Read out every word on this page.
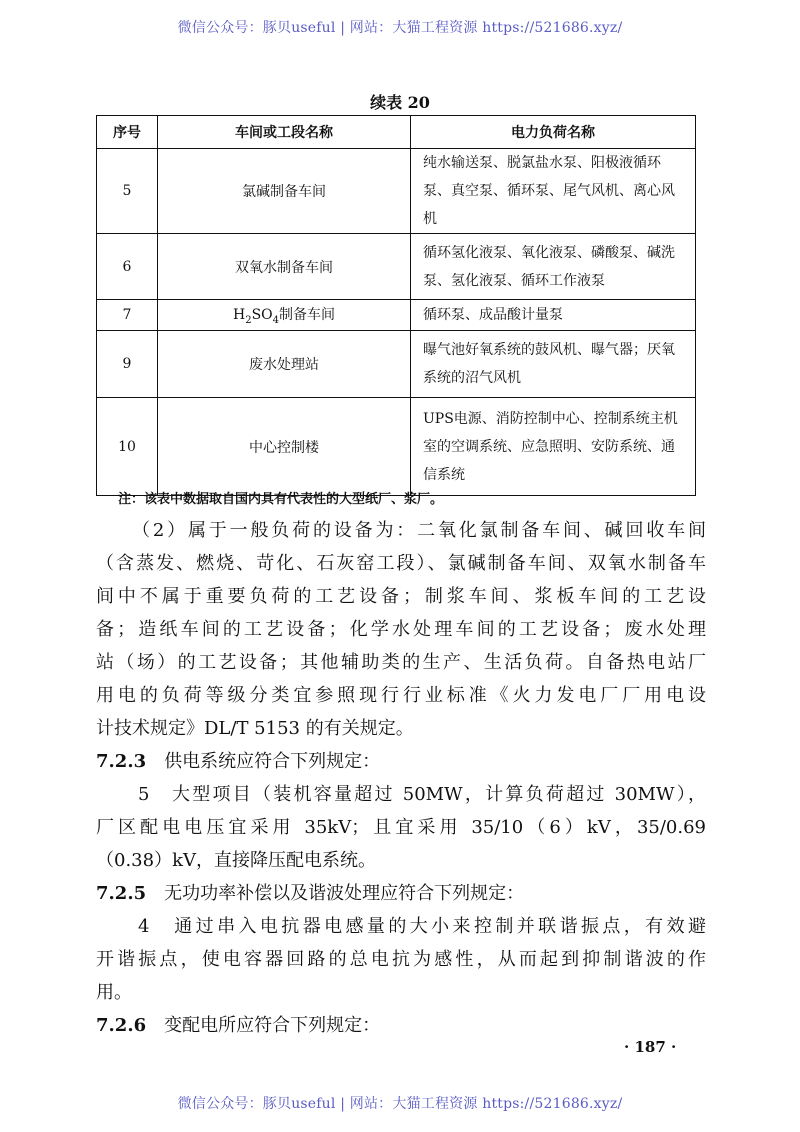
微信公众号：豚贝useful | 网站：大猫工程资源 https://521686.xyz/
续表 20
序号	车间或工段名称	电力负荷名称
5	氯碱制备车间	纯水输送泵、脱氯盐水泵、阳极液循环泵、真空泵、循环泵、尾气风机、离心风机
6	双氧水制备车间	循环氢化液泵、氧化液泵、磷酸泵、碱洗泵、氢化液泵、循环工作液泵
7	$H_2SO_4$制备车间	循环泵、成品酸计量泵
9	废水处理站	曝气池好氧系统的鼓风机、曝气器；厌氧系统的沼气风机
10	中心控制楼	UPS电源、消防控制中心、控制系统主机室的空调系统、应急照明、安防系统、通信系统
注：该表中数据取自国内具有代表性的大型纸厂、浆厂。
（2）属于一般负荷的设备为：二氧化氯制备车间、碱回收车间
（含蒸发、燃烧、苛化、石灰窑工段）、氯碱制备车间、双氧水制备车
间中不属于重要负荷的工艺设备；制浆车间、浆板车间的工艺设
备；造纸车间的工艺设备；化学水处理车间的工艺设备；废水处理
站（场）的工艺设备；其他辅助类的生产、生活负荷。自备热电站厂
用电的负荷等级分类宜参照现行行业标准《火力发电厂厂用电设
计技术规定》DL/T 5153 的有关规定。
7.2.3 供电系统应符合下列规定：
5　大型项目（装机容量超过 50MW，计算负荷超过 30MW），
厂区配电电压宜采用 35kV；且宜采用 35/10（6）kV，35/0.69
（0.38）kV，直接降压配电系统。
7.2.5 无功功率补偿以及谐波处理应符合下列规定：
4　通过串入电抗器电感量的大小来控制并联谐振点，有效避
开谐振点，使电容器回路的总电抗为感性，从而起到抑制谐波的作
用。
7.2.6 变配电所应符合下列规定：
· 187 ·
微信公众号：豚贝useful | 网站：大猫工程资源 https://521686.xyz/
